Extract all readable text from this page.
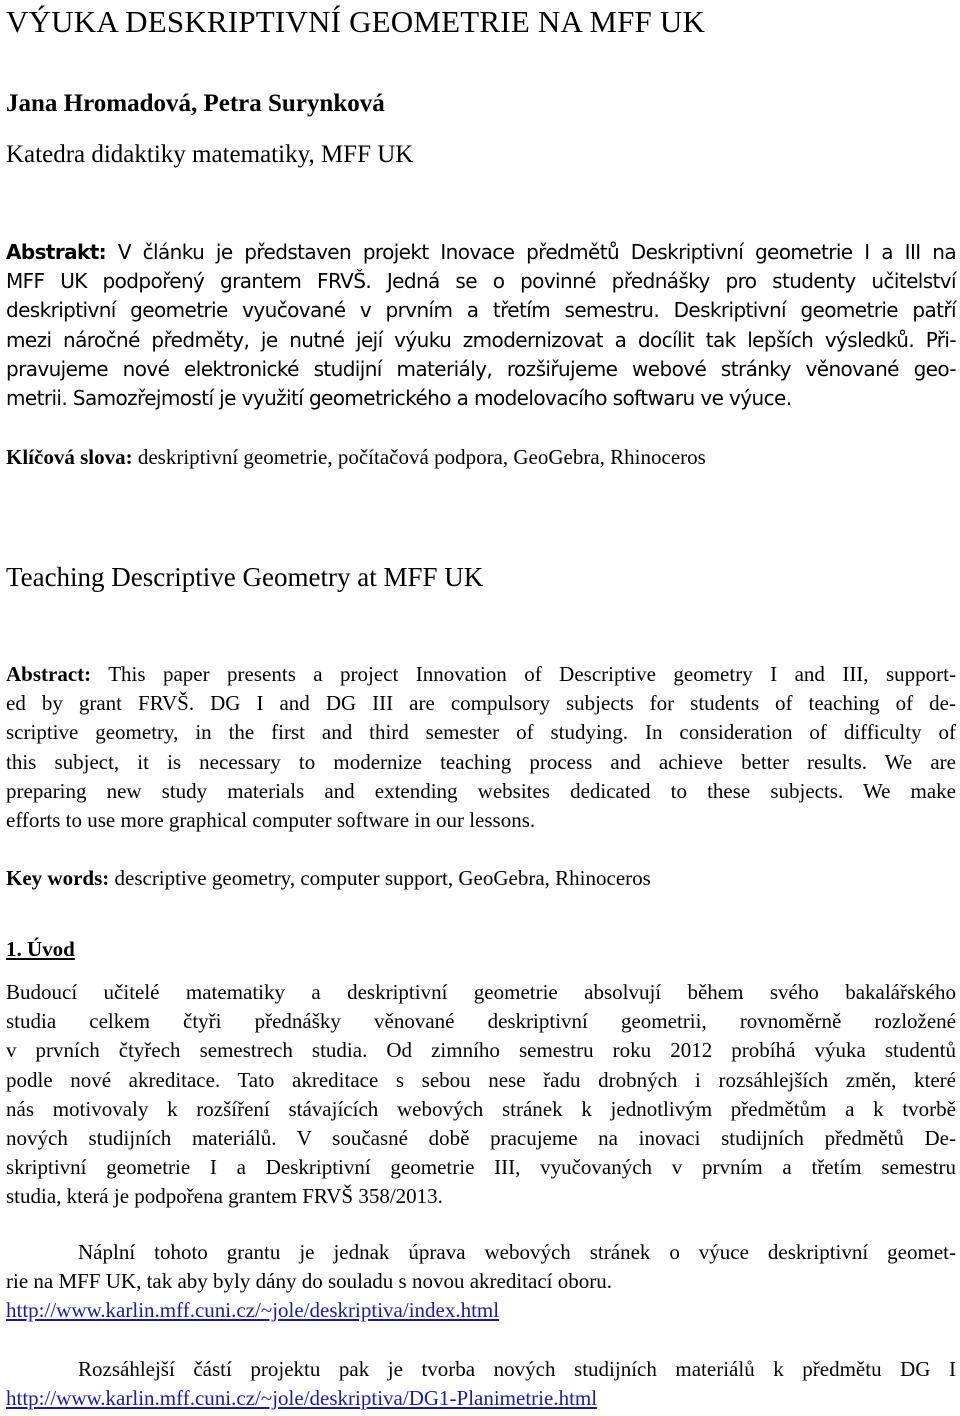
VÝUKA DESKRIPTIVNÍ GEOMETRIE NA MFF UK
Jana Hromadová, Petra Surynková
Katedra didaktiky matematiky, MFF UK
Abstrakt: V článku je představen projekt Inovace předmětů Deskriptivní geometrie I a III na
MFF UK podpořený grantem FRVŠ. Jedná se o povinné přednášky pro studenty učitelství
deskriptivní geometrie vyučované v prvním a třetím semestru. Deskriptivní geometrie patří
mezi náročné předměty, je nutné její výuku zmodernizovat a docílit tak lepších výsledků. Při-
pravujeme nové elektronické studijní materiály, rozšiřujeme webové stránky věnované geo-
metrii. Samozřejmostí je využití geometrického a modelovacího softwaru ve výuce.
Klíčová slova: deskriptivní geometrie, počítačová podpora, GeoGebra, Rhinoceros
Teaching Descriptive Geometry at MFF UK
Abstract: This paper presents a project Innovation of Descriptive geometry I and III, support-
ed by grant FRVŠ. DG I and DG III are compulsory subjects for students of teaching of de-
scriptive geometry, in the first and third semester of studying. In consideration of difficulty of
this subject, it is necessary to modernize teaching process and achieve better results. We are
preparing new study materials and extending websites dedicated to these subjects. We make
efforts to use more graphical computer software in our lessons.
Key words: descriptive geometry, computer support, GeoGebra, Rhinoceros
1. Úvod
Budoucí učitelé matematiky a deskriptivní geometrie absolvují během svého bakalářského
studia celkem čtyři přednášky věnované deskriptivní geometrii, rovnoměrně rozložené
v prvních čtyřech semestrech studia. Od zimního semestru roku 2012 probíhá výuka studentů
podle nové akreditace. Tato akreditace s sebou nese řadu drobných i rozsáhlejších změn, které
nás motivovaly k rozšíření stávajících webových stránek k jednotlivým předmětům a k tvorbě
nových studijních materiálů. V současné době pracujeme na inovaci studijních předmětů De-
skriptivní geometrie I a Deskriptivní geometrie III, vyučovaných v prvním a třetím semestru
studia, která je podpořena grantem FRVŠ 358/2013.
Náplní tohoto grantu je jednak úprava webových stránek o výuce deskriptivní geomet-
rie na MFF UK, tak aby byly dány do souladu s novou akreditací oboru.
http://www.karlin.mff.cuni.cz/~jole/deskriptiva/index.html
Rozsáhlejší částí projektu pak je tvorba nových studijních materiálů k předmětu DG I
http://www.karlin.mff.cuni.cz/~jole/deskriptiva/DG1-Planimetrie.html
